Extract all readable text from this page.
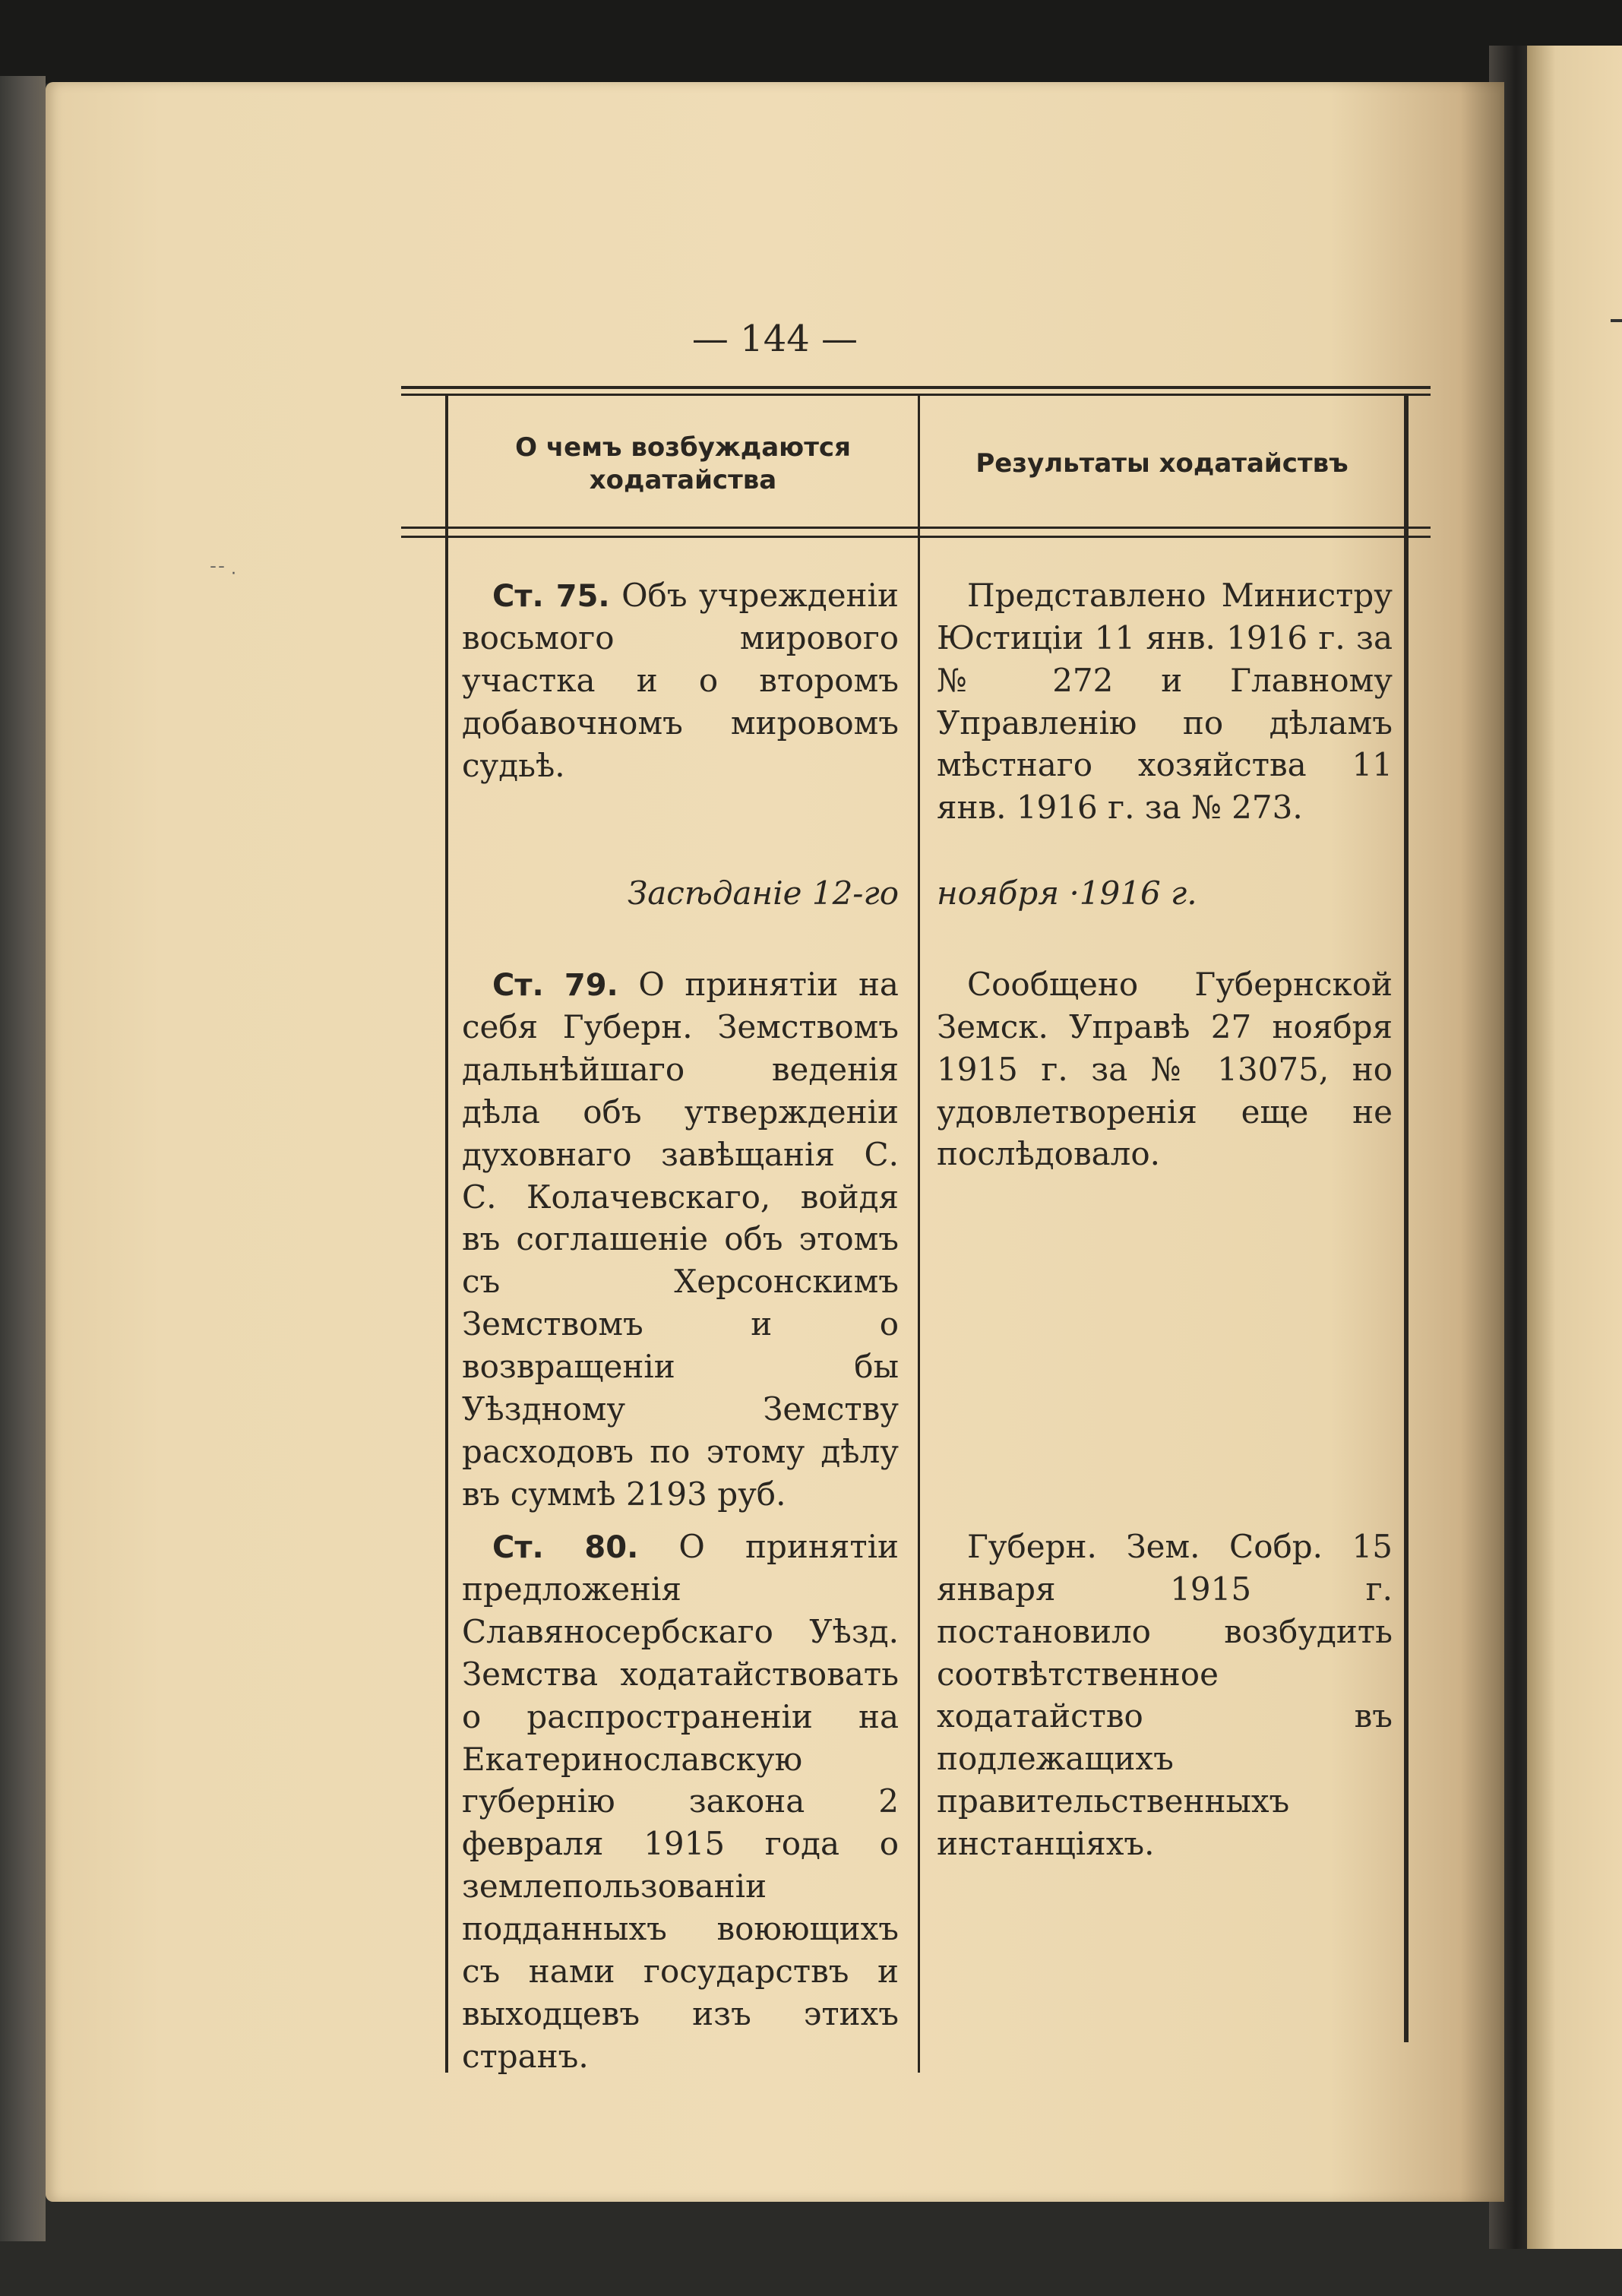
— 144 —
¯¯ ·
О чемъ возбуждаются ходатайства
Результаты ходатайствъ
Ст. 75. Объ учреждeнiи восьмого мирового участка и о второмъ добавочномъ мировомъ судьѣ.
Засѣданiе 12-го
Ст. 79. О принятiи на себя Губерн. Земствомъ дальнѣйшаго веденiя дѣла объ утвержденiи духовнаго завѣщанiя С. С. Колачевскаго, войдя въ соглашенiе объ этомъ съ Херсонскимъ Земствомъ и о возвращенiи бы Уѣздному Земству расходовъ по этому дѣлу въ суммѣ 2193 руб.
Ст. 80. О принятiи предложенiя Славяносербскаго Уѣзд. Земства ходатайствовать о распространенiи на Екатеринославскую губернiю закона 2 февраля 1915 года о землепользованiи подданныхъ воюющихъ съ нами государствъ и выходцевъ изъ этихъ странъ.
Представлено Министру Юстицiи 11 янв. 1916 г. за № 272 и Главному Управленiю по дѣламъ мѣстнаго хозяйства 11 янв. 1916 г. за № 273.
ноября ·1916 г.
Сообщено Губернской Земск. Управѣ 27 ноября 1915 г. за № 13075, но удовлетворенiя еще не послѣдовало.
Губерн. Зем. Собр. 15 января 1915 г. постановило возбудить соотвѣтственное ходатайство въ подлежащихъ правительственныхъ инстанцiяхъ.
